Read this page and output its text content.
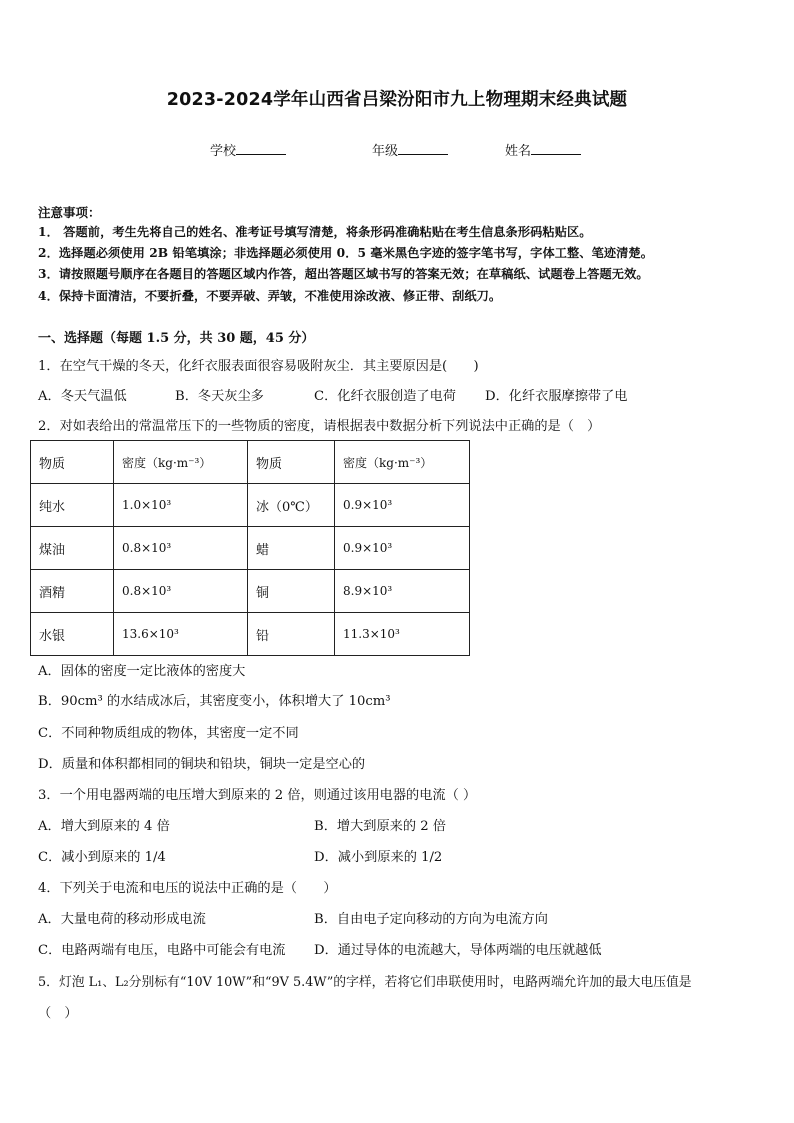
2023-2024学年山西省吕梁汾阳市九上物理期末经典试题
学校	年级	姓名
注意事项：
1． 答题前，考生先将自己的姓名、准考证号填写清楚，将条形码准确粘贴在考生信息条形码粘贴区。
2．选择题必须使用 2B 铅笔填涂；非选择题必须使用 0．5 毫米黑色字迹的签字笔书写，字体工整、笔迹清楚。
3．请按照题号顺序在各题目的答题区域内作答，超出答题区域书写的答案无效；在草稿纸、试题卷上答题无效。
4．保持卡面清洁，不要折叠，不要弄破、弄皱，不准使用涂改液、修正带、刮纸刀。
一、选择题（每题 1.5 分，共 30 题，45 分）
1．在空气干燥的冬天，化纤衣服表面很容易吸附灰尘．其主要原因是(　　)
A．冬天气温低	B．冬天灰尘多	C．化纤衣服创造了电荷 D．化纤衣服摩擦带了电
2．对如表给出的常温常压下的一些物质的密度，请根据表中数据分析下列说法中正确的是（　）
物质	密度（kg·m⁻³）	物质	密度（kg·m⁻³）
纯水	1.0×10³	冰（0℃）	0.9×10³
煤油	0.8×10³	蜡	0.9×10³
酒精	0.8×10³	铜	8.9×10³
水银	13.6×10³	铅	11.3×10³
A．固体的密度一定比液体的密度大
B．90cm³ 的水结成冰后，其密度变小，体积增大了 10cm³
C．不同种物质组成的物体，其密度一定不同
D．质量和体积都相同的铜块和铅块，铜块一定是空心的
3．一个用电器两端的电压增大到原来的 2 倍，则通过该用电器的电流（ ）
A．增大到原来的 4 倍	B．增大到原来的 2 倍
C．减小到原来的 1/4	D．减小到原来的 1/2
4．下列关于电流和电压的说法中正确的是（　　）
A．大量电荷的移动形成电流	B．自由电子定向移动的方向为电流方向
C．电路两端有电压，电路中可能会有电流 D．通过导体的电流越大，导体两端的电压就越低
5．灯泡 L₁、L₂分别标有“10V 10W”和“9V 5.4W”的字样，若将它们串联使用时，电路两端允许加的最大电压值是
（　）
